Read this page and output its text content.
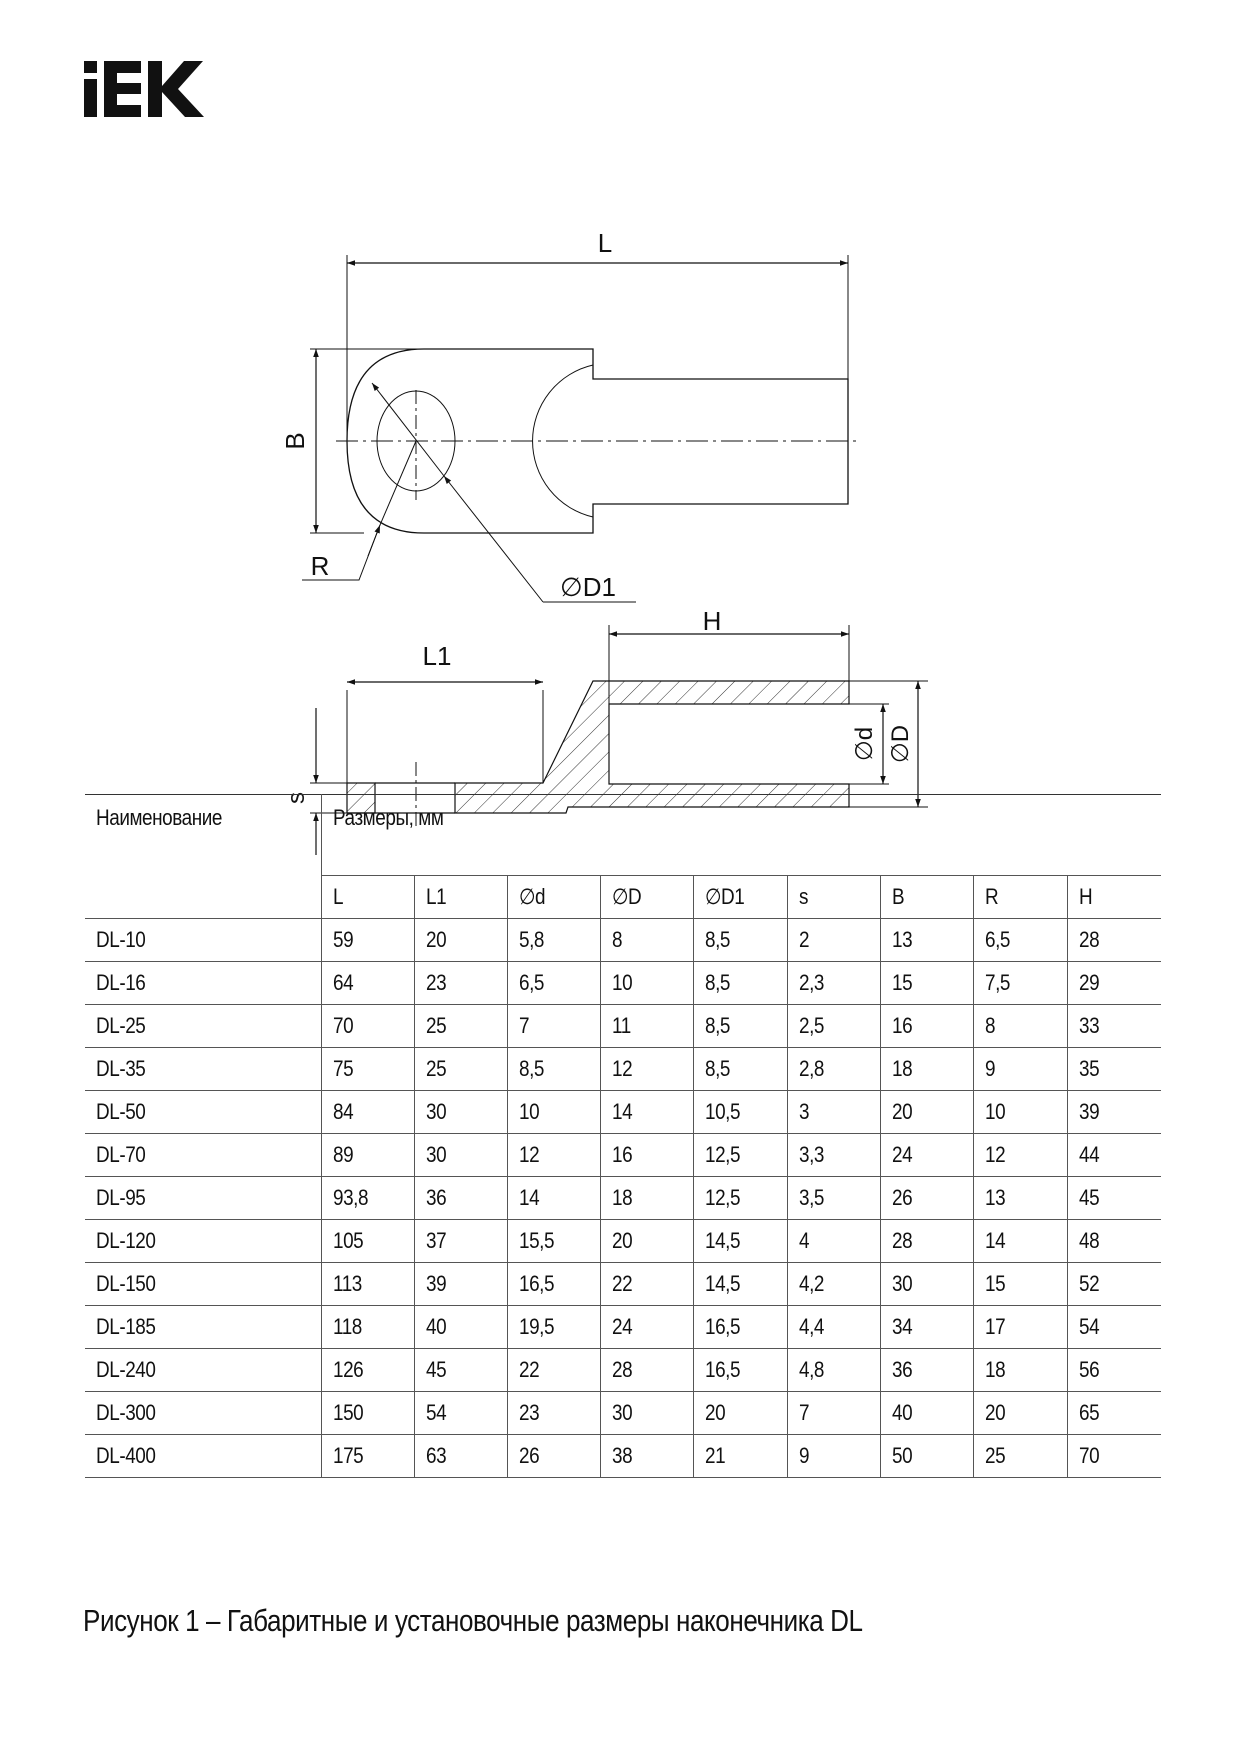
L
B
R
∅D1
L1
H
s
∅d ∅D
Наименование	Размеры, мм								
	L	L1	∅d	∅D	∅D1	s	B	R	H
DL-10	59	20	5,8	8	8,5	2	13	6,5	28
DL-16	64	23	6,5	10	8,5	2,3	15	7,5	29
DL-25	70	25	7	11	8,5	2,5	16	8	33
DL-35	75	25	8,5	12	8,5	2,8	18	9	35
DL-50	84	30	10	14	10,5	3	20	10	39
DL-70	89	30	12	16	12,5	3,3	24	12	44
DL-95	93,8	36	14	18	12,5	3,5	26	13	45
DL-120	105	37	15,5	20	14,5	4	28	14	48
DL-150	113	39	16,5	22	14,5	4,2	30	15	52
DL-185	118	40	19,5	24	16,5	4,4	34	17	54
DL-240	126	45	22	28	16,5	4,8	36	18	56
DL-300	150	54	23	30	20	7	40	20	65
DL-400	175	63	26	38	21	9	50	25	70
Рисунок 1 – Габаритные и установочные размеры наконечника DL
